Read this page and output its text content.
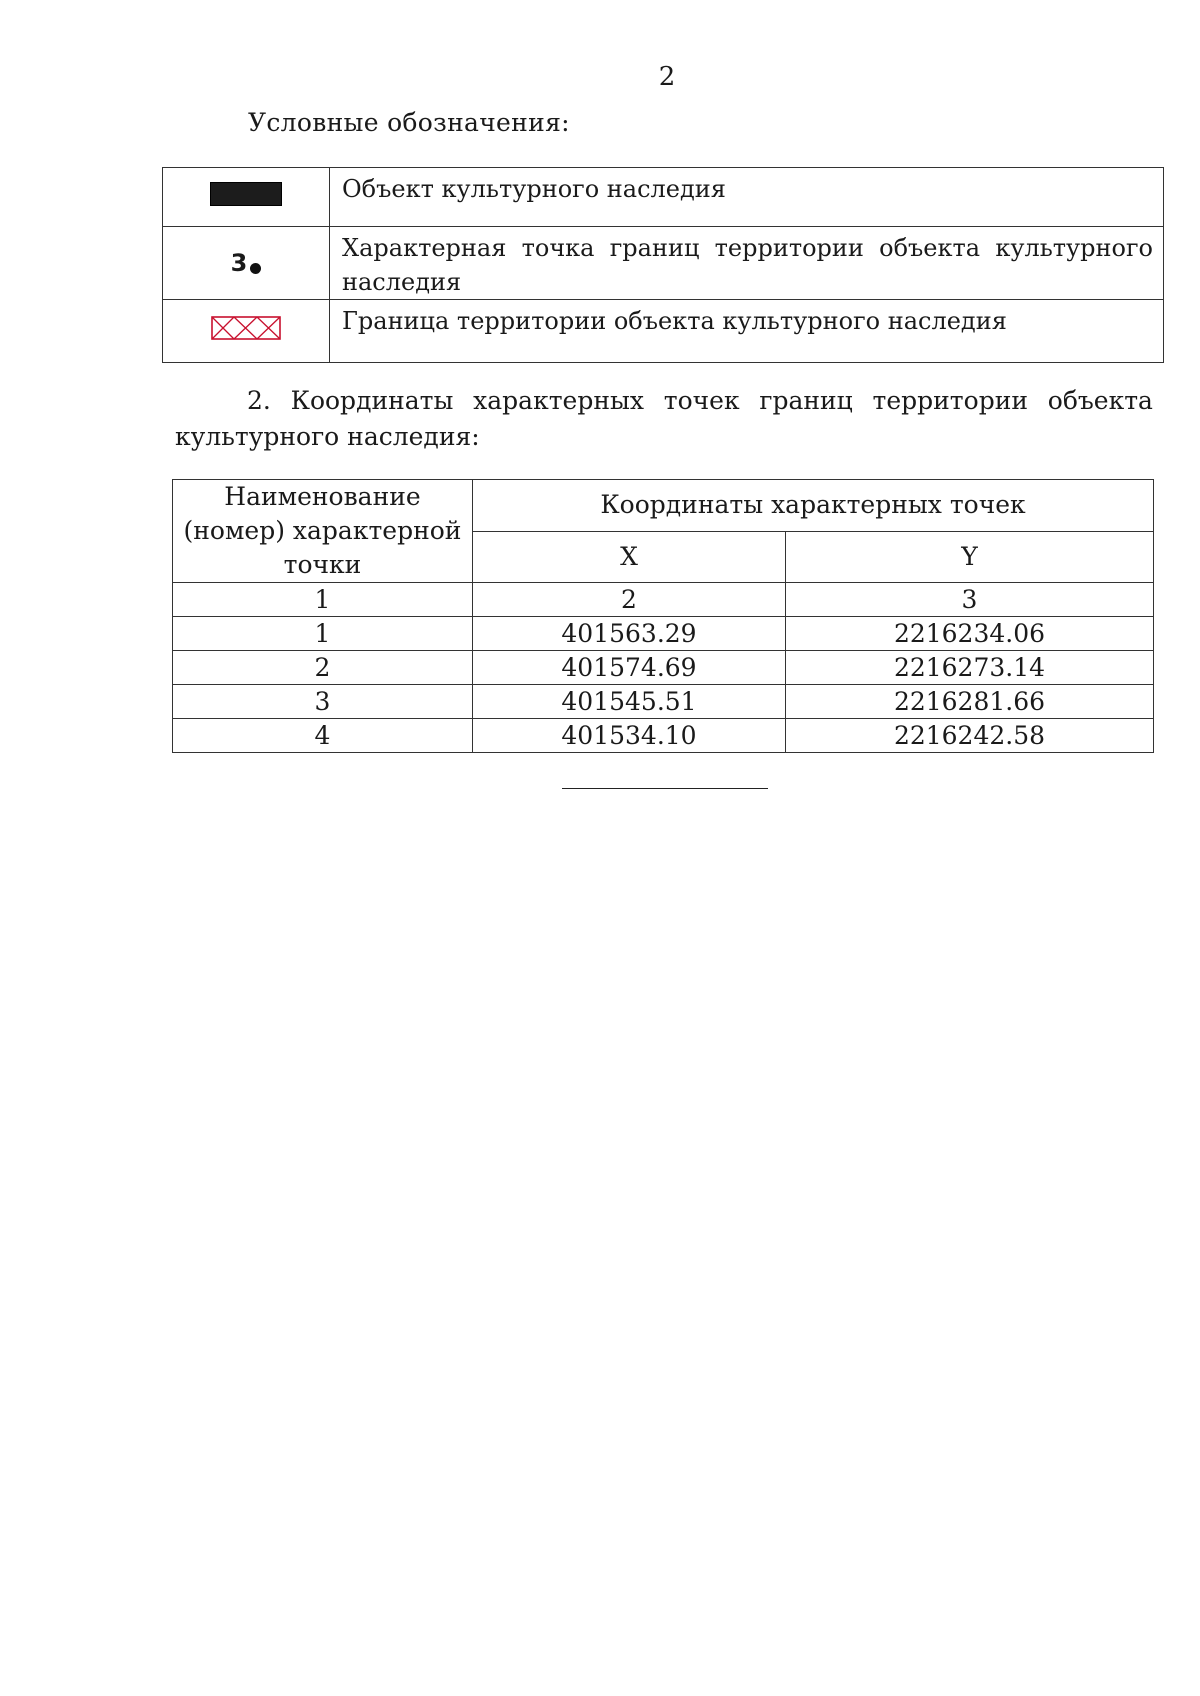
2
Условные обозначения:
	Объект культурного наследия

3	Характерная точка границ территории объекта культурного наследия
	Граница территории объекта культурного наследия
2. Координаты характерных точек границ территории объекта
культурного наследия:
Наименование (номер) характерной точки	Координаты характерных точек	
	X	Y
1	2	3
1	401563.29	2216234.06
2	401574.69	2216273.14
3	401545.51	2216281.66
4	401534.10	2216242.58
